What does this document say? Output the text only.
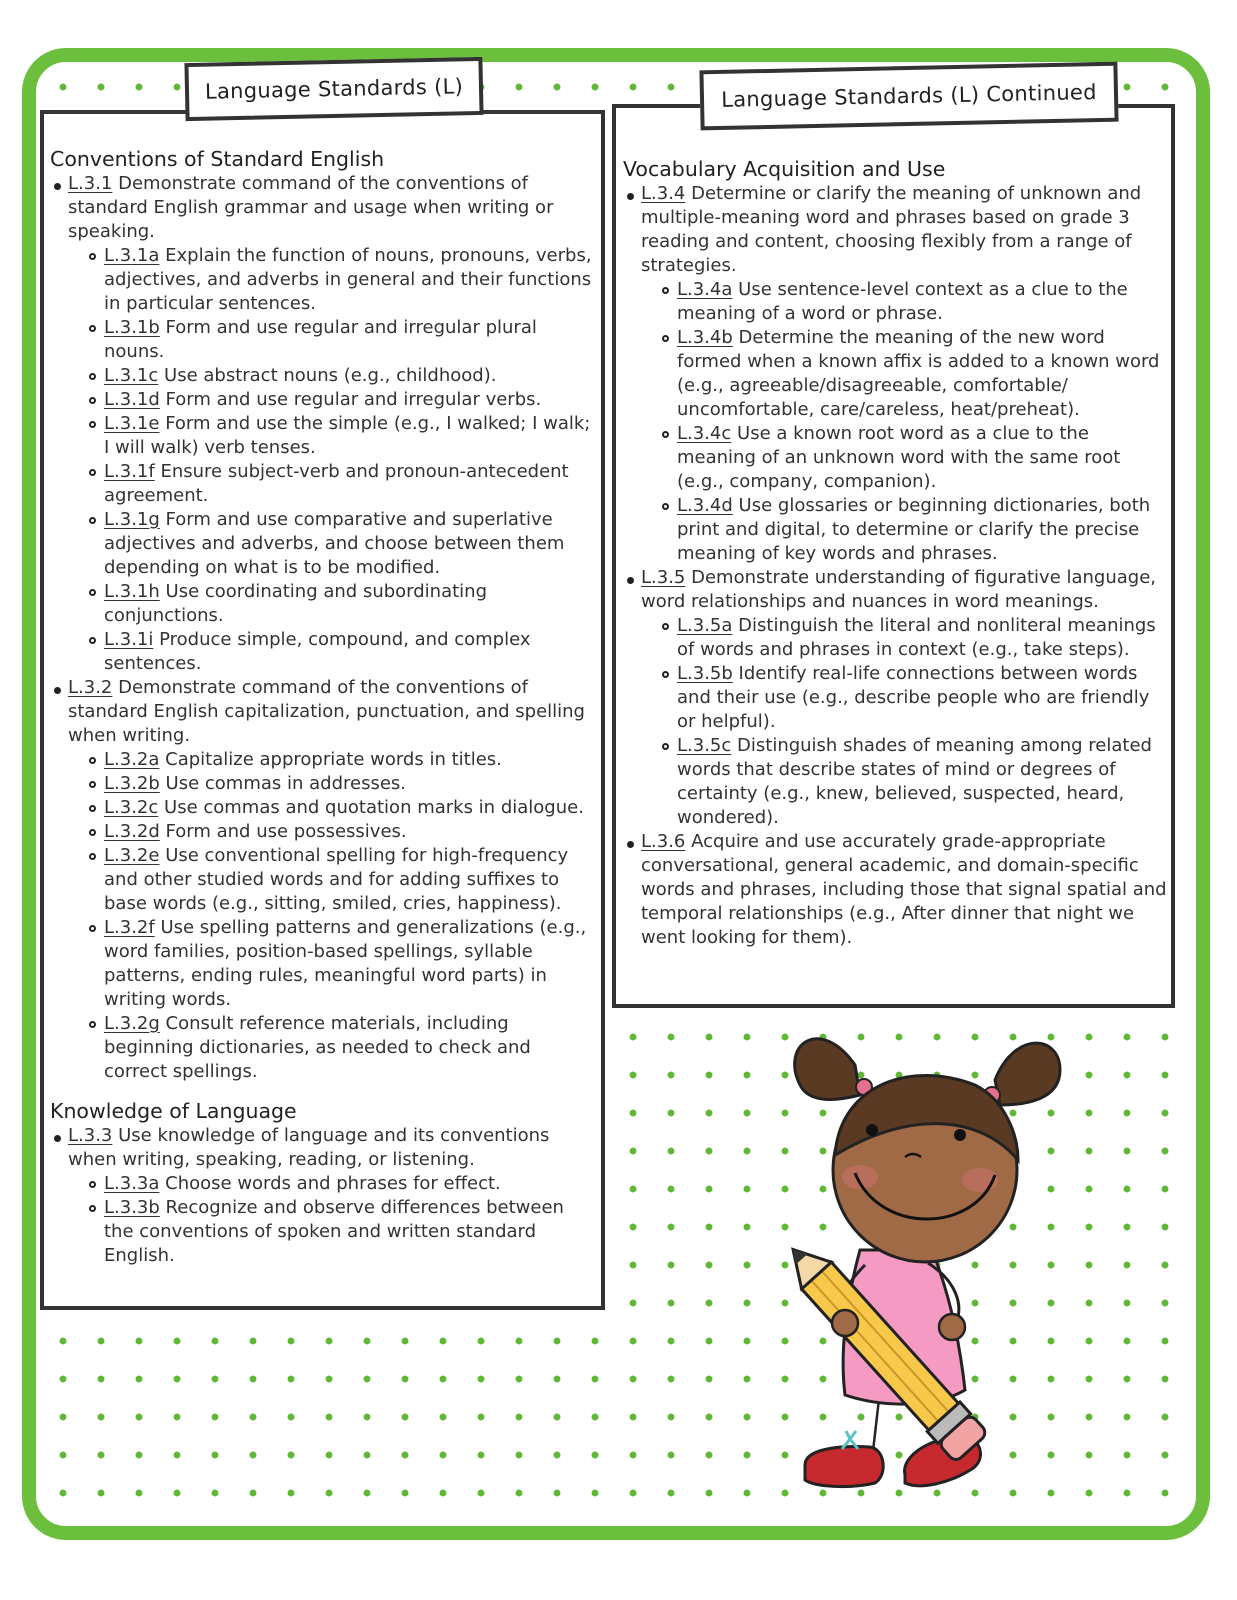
Language Standards (L)	Language Standards (L) Continued
Conventions of Standard English
L.3.1 Demonstrate command of the conventions of standard English grammar and usage when writing or speaking.
L.3.1a Explain the function of nouns, pronouns, verbs, adjectives, and adverbs in general and their functions in particular sentences.
L.3.1b Form and use regular and irregular plural nouns.
L.3.1c Use abstract nouns (e.g., childhood).
L.3.1d Form and use regular and irregular verbs.
L.3.1e Form and use the simple (e.g., I walked; I walk; I will walk) verb tenses.
L.3.1f Ensure subject-verb and pronoun-antecedent agreement.
L.3.1g Form and use comparative and superlative adjectives and adverbs, and choose between them depending on what is to be modified.
L.3.1h Use coordinating and subordinating conjunctions.
L.3.1i Produce simple, compound, and complex sentences.
L.3.2 Demonstrate command of the conventions of standard English capitalization, punctuation, and spelling when writing.
L.3.2a Capitalize appropriate words in titles.
L.3.2b Use commas in addresses.
L.3.2c Use commas and quotation marks in dialogue.
L.3.2d Form and use possessives.
L.3.2e Use conventional spelling for high-frequency and other studied words and for adding suffixes to base words (e.g., sitting, smiled, cries, happiness).
L.3.2f Use spelling patterns and generalizations (e.g., word families, position-based spellings, syllable patterns, ending rules, meaningful word parts) in writing words.
L.3.2g Consult reference materials, including beginning dictionaries, as needed to check and correct spellings.
Knowledge of Language
L.3.3 Use knowledge of language and its conventions when writing, speaking, reading, or listening.
L.3.3a Choose words and phrases for effect.
L.3.3b Recognize and observe differences between the conventions of spoken and written standard English.
Vocabulary Acquisition and Use
L.3.4 Determine or clarify the meaning of unknown and multiple-meaning word and phrases based on grade 3 reading and content, choosing flexibly from a range of strategies.
L.3.4a Use sentence-level context as a clue to the meaning of a word or phrase.
L.3.4b Determine the meaning of the new word formed when a known affix is added to a known word (e.g., agreeable/disagreeable, comfortable/ uncomfortable, care/careless, heat/preheat).
L.3.4c Use a known root word as a clue to the meaning of an unknown word with the same root (e.g., company, companion).
L.3.4d Use glossaries or beginning dictionaries, both print and digital, to determine or clarify the precise meaning of key words and phrases.
L.3.5 Demonstrate understanding of figurative language, word relationships and nuances in word meanings.
L.3.5a Distinguish the literal and nonliteral meanings of words and phrases in context (e.g., take steps).
L.3.5b Identify real-life connections between words and their use (e.g., describe people who are friendly or helpful).
L.3.5c Distinguish shades of meaning among related words that describe states of mind or degrees of certainty (e.g., knew, believed, suspected, heard, wondered).
L.3.6 Acquire and use accurately grade-appropriate conversational, general academic, and domain-specific words and phrases, including those that signal spatial and temporal relationships (e.g., After dinner that night we went looking for them).
